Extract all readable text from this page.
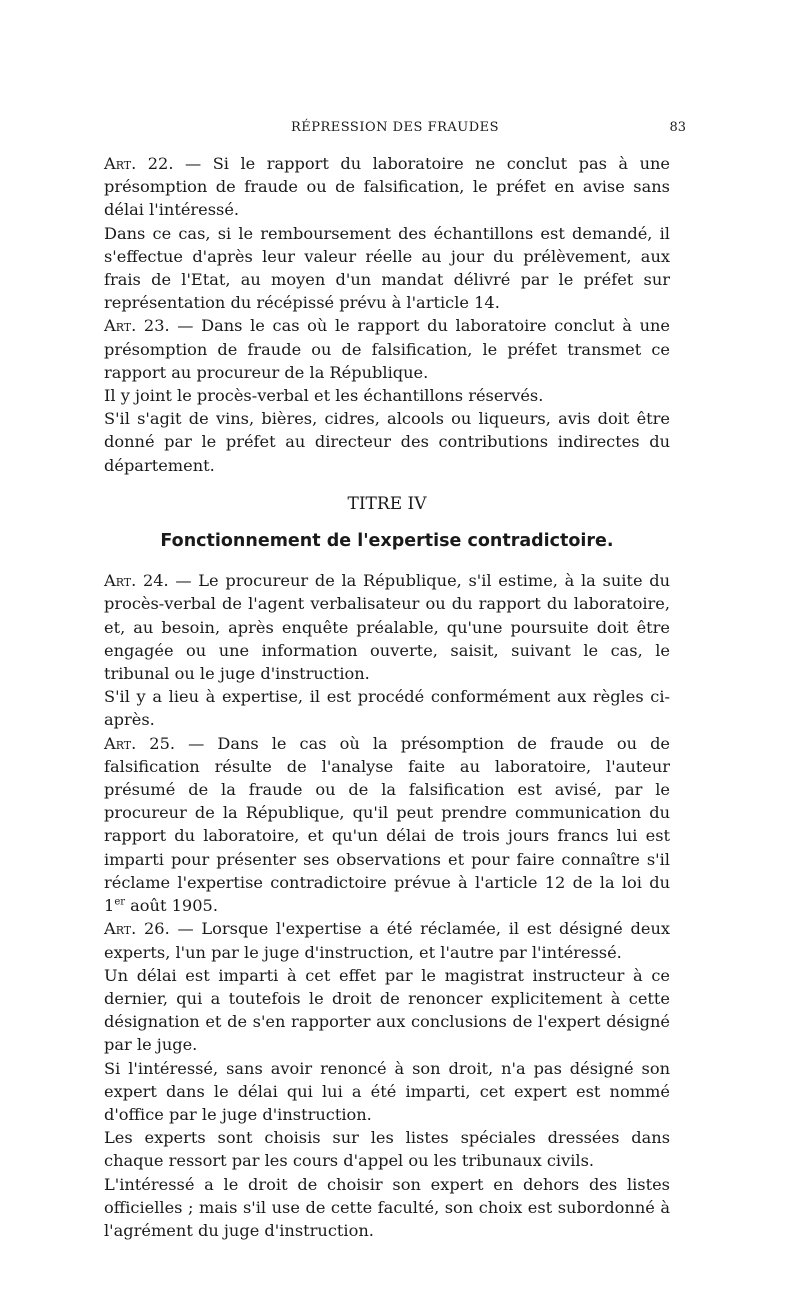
RÉPRESSION DES FRAUDES	83

Art. 22. — Si le rapport du laboratoire ne conclut pas à une présomption de fraude ou de falsification, le préfet en avise sans délai l'intéressé.

Dans ce cas, si le remboursement des échantillons est demandé, il s'effectue d'après leur valeur réelle au jour du prélèvement, aux frais de l'Etat, au moyen d'un mandat délivré par le préfet sur représentation du récépissé prévu à l'article 14.

Art. 23. — Dans le cas où le rapport du laboratoire conclut à une présomption de fraude ou de falsification, le préfet transmet ce rapport au procureur de la République.

Il y joint le procès-verbal et les échantillons réservés.

S'il s'agit de vins, bières, cidres, alcools ou liqueurs, avis doit être donné par le préfet au directeur des contributions indirectes du département.

TITRE IV
Fonctionnement de l'expertise contradictoire.

Art. 24. — Le procureur de la République, s'il estime, à la suite du procès-verbal de l'agent verbalisateur ou du rapport du laboratoire, et, au besoin, après enquête préalable, qu'une poursuite doit être engagée ou une information ouverte, saisit, suivant le cas, le tribunal ou le juge d'instruction.

S'il y a lieu à expertise, il est procédé conformément aux règles ci-après.

Art. 25. — Dans le cas où la présomption de fraude ou de falsification résulte de l'analyse faite au laboratoire, l'auteur présumé de la fraude ou de la falsification est avisé, par le procureur de la République, qu'il peut prendre communication du rapport du laboratoire, et qu'un délai de trois jours francs lui est imparti pour présenter ses observations et pour faire connaître s'il réclame l'expertise contradictoire prévue à l'article 12 de la loi du 1er août 1905.

Art. 26. — Lorsque l'expertise a été réclamée, il est désigné deux experts, l'un par le juge d'instruction, et l'autre par l'intéressé.

Un délai est imparti à cet effet par le magistrat instructeur à ce dernier, qui a toutefois le droit de renoncer explicitement à cette désignation et de s'en rapporter aux conclusions de l'expert désigné par le juge.

Si l'intéressé, sans avoir renoncé à son droit, n'a pas désigné son expert dans le délai qui lui a été imparti, cet expert est nommé d'office par le juge d'instruction.

Les experts sont choisis sur les listes spéciales dressées dans chaque ressort par les cours d'appel ou les tribunaux civils.

L'intéressé a le droit de choisir son expert en dehors des listes officielles ; mais s'il use de cette faculté, son choix est subordonné à l'agrément du juge d'instruction.
